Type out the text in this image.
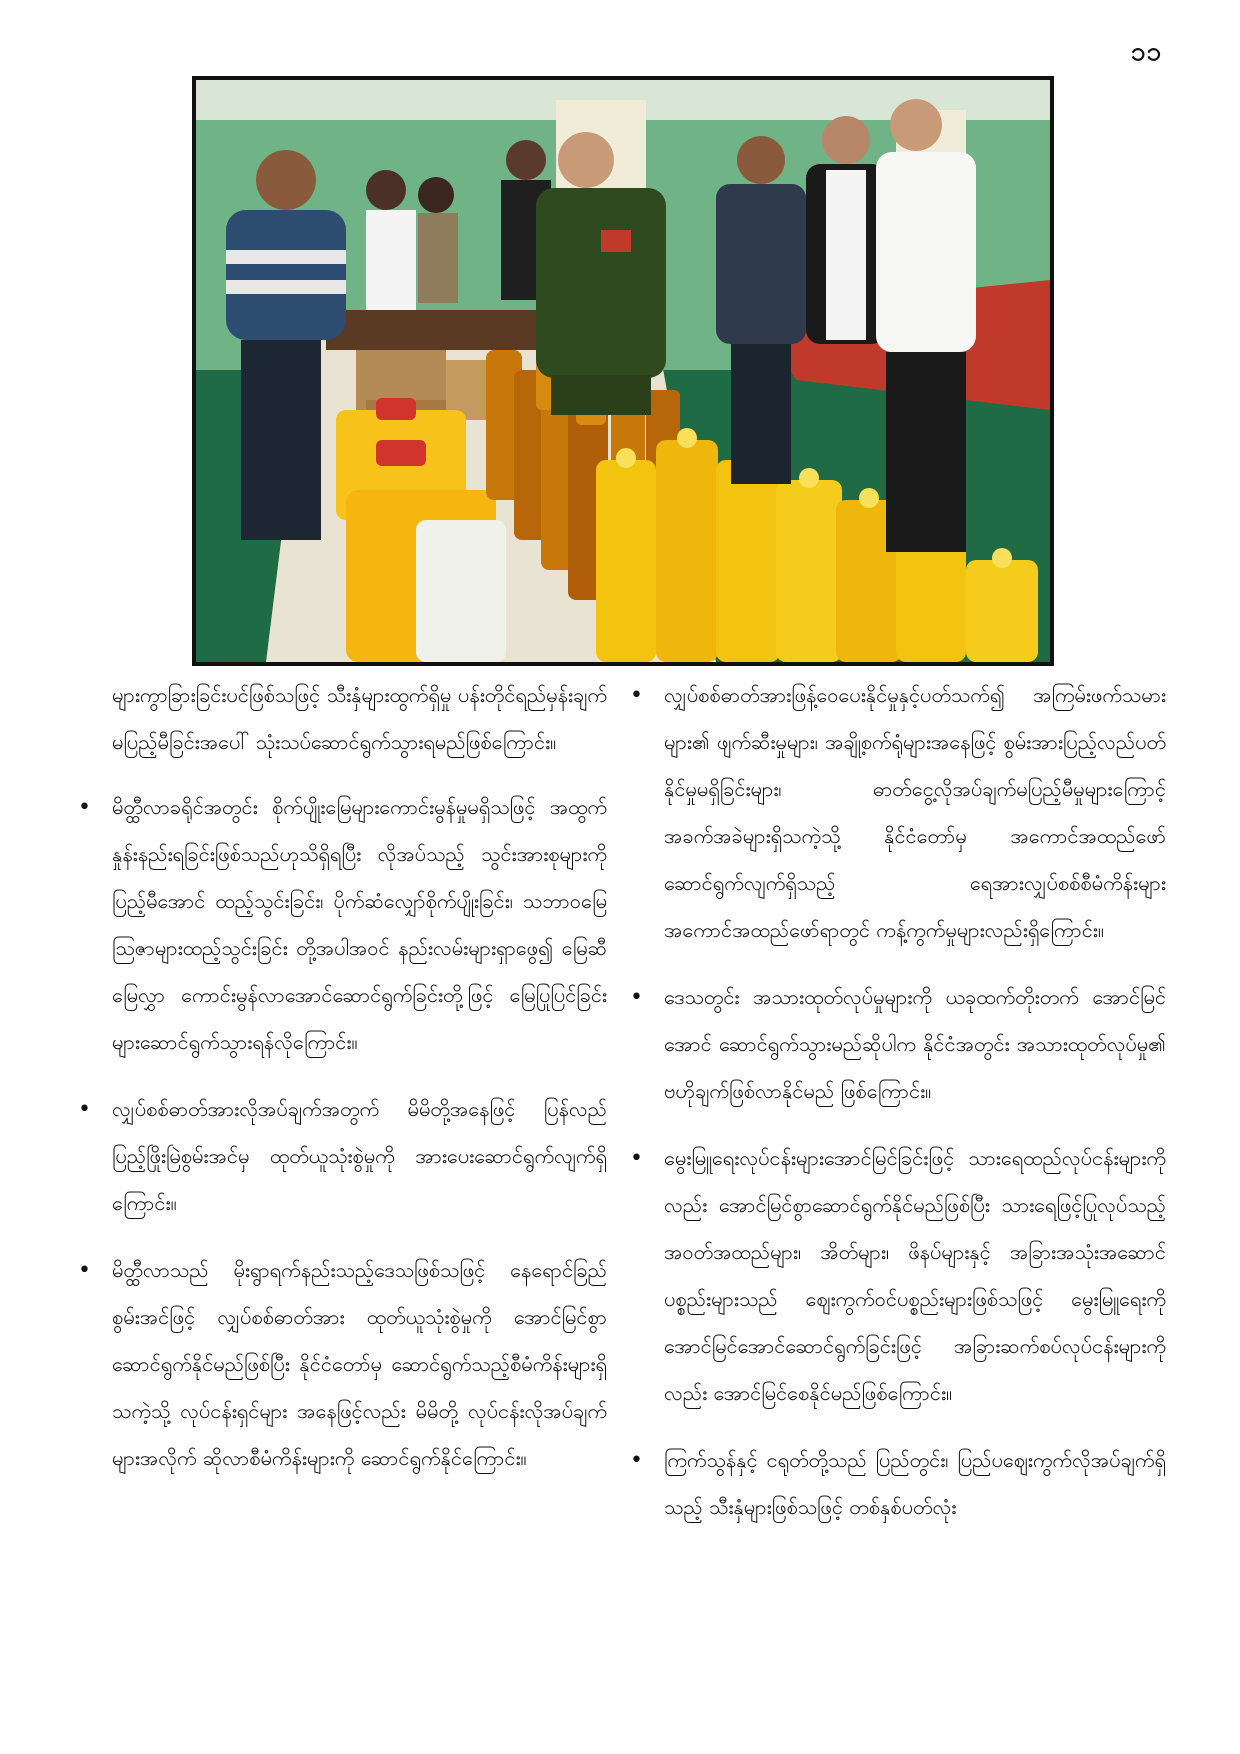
၁၁

များကွာခြားခြင်းပင်ဖြစ်သဖြင့် သီးနှံများထွက်ရှိမှု ပန်းတိုင်ရည်မှန်းချက်မပြည့်မီခြင်းအပေါ် သုံးသပ်ဆောင်ရွက်သွားရမည်ဖြစ်ကြောင်း။

• မိတ္ထီလာခရိုင်အတွင်း စိုက်ပျိုးမြေများကောင်းမွန်မှုမရှိသဖြင့် အထွက်နှုန်းနည်းရခြင်းဖြစ်သည်ဟုသိရှိရပြီး လိုအပ်သည့် သွင်းအားစုများကို ပြည့်မီအောင် ထည့်သွင်းခြင်း၊ ပိုက်ဆံလျှော်စိုက်ပျိုးခြင်း၊ သဘာဝမြေသြဇာများထည့်သွင်းခြင်း တို့အပါအဝင် နည်းလမ်းများရှာဖွေ၍ မြေဆီမြေလွှာ ကောင်းမွန်လာအောင်ဆောင်ရွက်ခြင်းတို့ဖြင့် မြေပြုပြင်ခြင်းများဆောင်ရွက်သွားရန်လိုကြောင်း။
• လျှပ်စစ်ဓာတ်အားလိုအပ်ချက်အတွက် မိမိတို့အနေဖြင့် ပြန်လည်ပြည့်ဖြိုးမြဲစွမ်းအင်မှ ထုတ်ယူသုံးစွဲမှုကို အားပေးဆောင်ရွက်လျက်ရှိကြောင်း။
• မိတ္ထီလာသည် မိုးရွာရက်နည်းသည့်ဒေသဖြစ်သဖြင့် နေရောင်ခြည်စွမ်းအင်ဖြင့် လျှပ်စစ်ဓာတ်အား ထုတ်ယူသုံးစွဲမှုကို အောင်မြင်စွာဆောင်ရွက်နိုင်မည်ဖြစ်ပြီး နိုင်ငံတော်မှ ဆောင်ရွက်သည့်စီမံကိန်းများရှိသကဲ့သို့ လုပ်ငန်းရှင်များ အနေဖြင့်လည်း မိမိတို့ လုပ်ငန်းလိုအပ်ချက်များအလိုက် ဆိုလာစီမံကိန်းများကို ဆောင်ရွက်နိုင်ကြောင်း။
• လျှပ်စစ်ဓာတ်အားဖြန့်ဝေပေးနိုင်မှုနှင့်ပတ်သက်၍ အကြမ်းဖက်သမားများ၏ ဖျက်ဆီးမှုများ၊ အချို့စက်ရုံများအနေဖြင့် စွမ်းအားပြည့်လည်ပတ်နိုင်မှုမရှိခြင်းများ၊ ဓာတ်ငွေ့လိုအပ်ချက်မပြည့်မီမှုများကြောင့် အခက်အခဲများရှိသကဲ့သို့ နိုင်ငံတော်မှ အကောင်အထည်ဖော် ဆောင်ရွက်လျက်ရှိသည့် ရေအားလျှပ်စစ်စီမံကိန်းများ အကောင်အထည်ဖော်ရာတွင် ကန့်ကွက်မှုများလည်းရှိကြောင်း။
• ဒေသတွင်း အသားထုတ်လုပ်မှုများကို ယခုထက်တိုးတက် အောင်မြင်အောင် ဆောင်ရွက်သွားမည်ဆိုပါက နိုင်ငံအတွင်း အသားထုတ်လုပ်မှု၏ ဗဟိုချက်ဖြစ်လာနိုင်မည် ဖြစ်ကြောင်း။
• မွေးမြူရေးလုပ်ငန်းများအောင်မြင်ခြင်းဖြင့် သားရေထည်လုပ်ငန်းများကိုလည်း အောင်မြင်စွာဆောင်ရွက်နိုင်မည်ဖြစ်ပြီး သားရေဖြင့်ပြုလုပ်သည့် အဝတ်အထည်များ၊ အိတ်များ၊ ဖိနပ်များနှင့် အခြားအသုံးအဆောင်ပစ္စည်းများသည် ဈေးကွက်ဝင်ပစ္စည်းများဖြစ်သဖြင့် မွေးမြူရေးကိုအောင်မြင်အောင်ဆောင်ရွက်ခြင်းဖြင့် အခြားဆက်စပ်လုပ်ငန်းများကိုလည်း အောင်မြင်စေနိုင်မည်ဖြစ်ကြောင်း။
• ကြက်သွန်နှင့် ငရုတ်တို့သည် ပြည်တွင်း၊ ပြည်ပဈေးကွက်လိုအပ်ချက်ရှိသည့် သီးနှံများဖြစ်သဖြင့် တစ်နှစ်ပတ်လုံး
